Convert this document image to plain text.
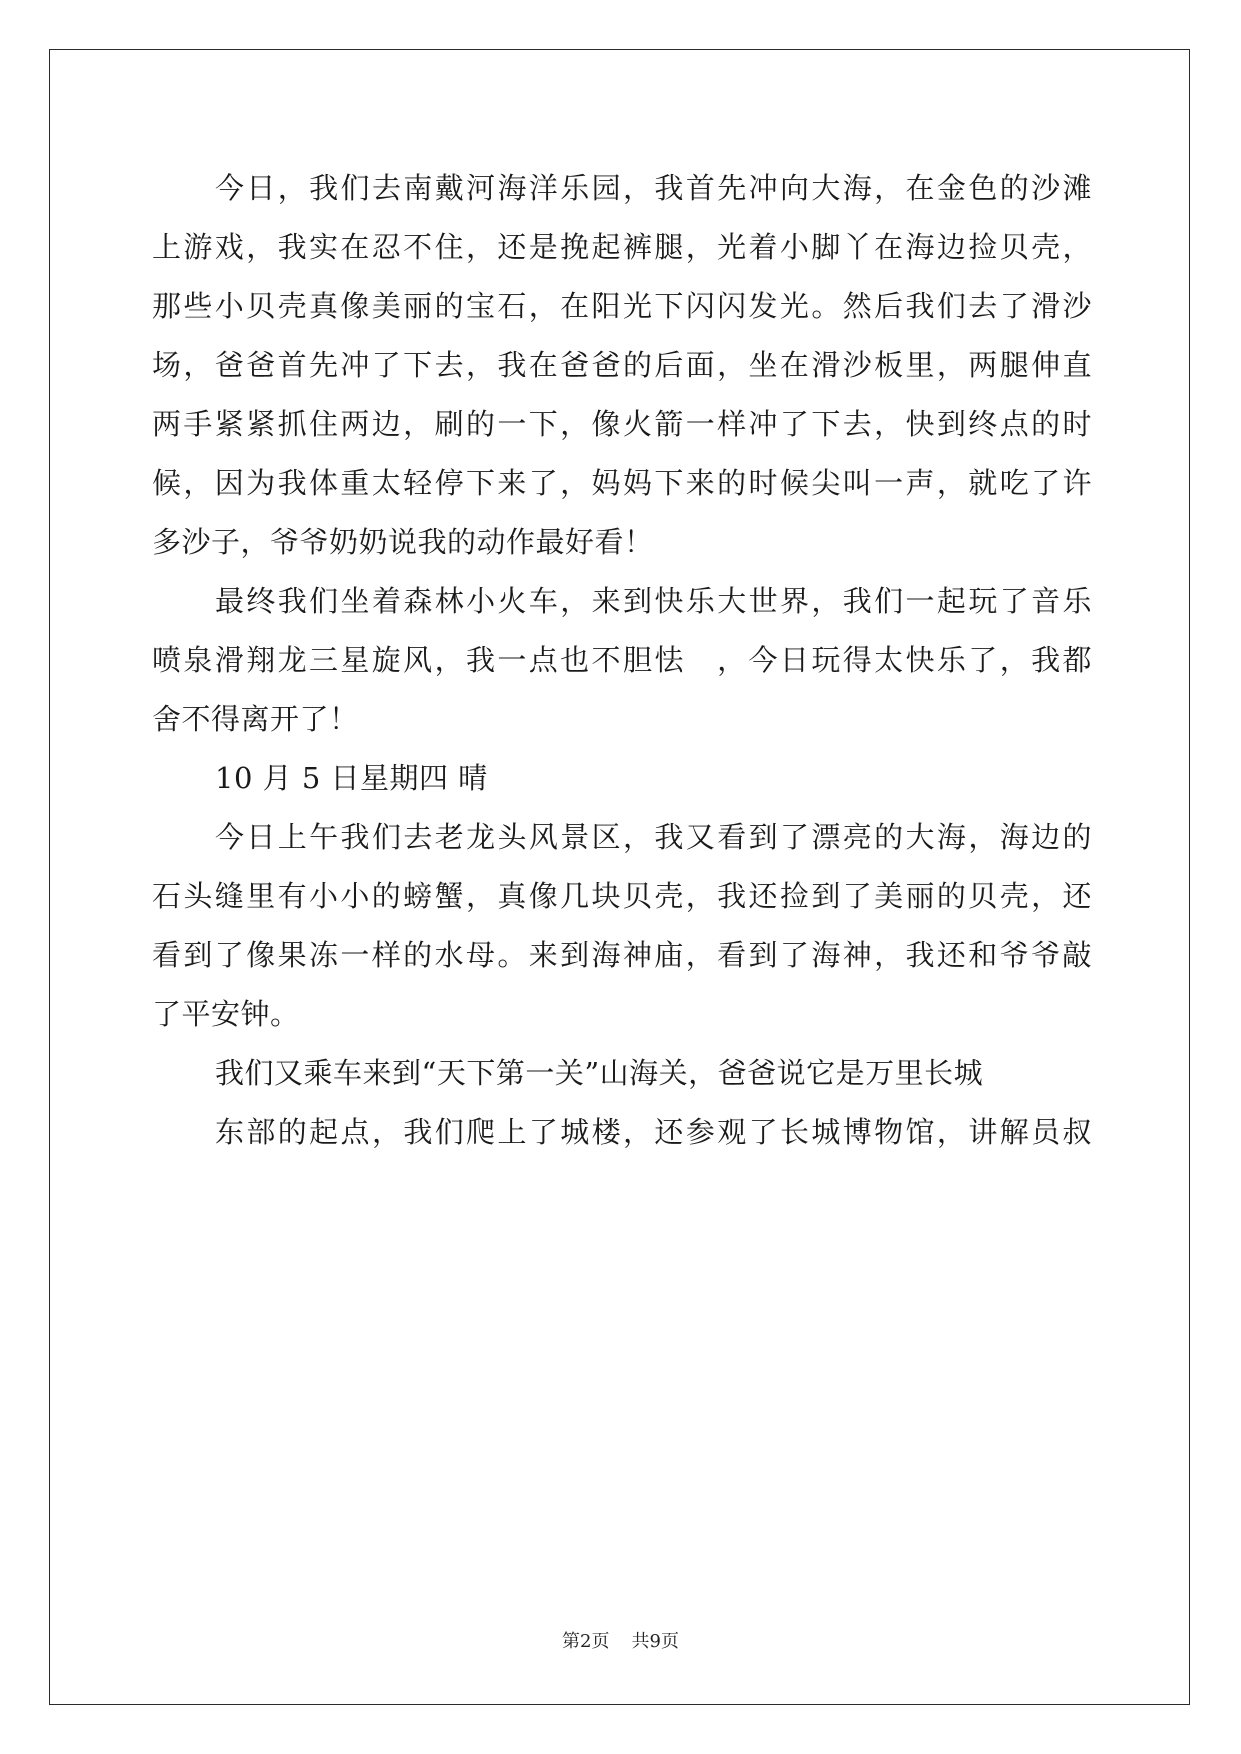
今日，我们去南戴河海洋乐园，我首先冲向大海，在金色的沙滩
上游戏，我实在忍不住，还是挽起裤腿，光着小脚丫在海边捡贝壳，
那些小贝壳真像美丽的宝石，在阳光下闪闪发光。然后我们去了滑沙
场，爸爸首先冲了下去，我在爸爸的后面，坐在滑沙板里，两腿伸直
两手紧紧抓住两边，刷的一下，像火箭一样冲了下去，快到终点的时
候，因为我体重太轻停下来了，妈妈下来的时候尖叫一声，就吃了许
多沙子，爷爷奶奶说我的动作最好看！
最终我们坐着森林小火车，来到快乐大世界，我们一起玩了音乐
喷泉滑翔龙三星旋风，我一点也不胆怯　，今日玩得太快乐了，我都
舍不得离开了！
10 月 5 日星期四 晴
今日上午我们去老龙头风景区，我又看到了漂亮的大海，海边的
石头缝里有小小的螃蟹，真像几块贝壳，我还捡到了美丽的贝壳，还
看到了像果冻一样的水母。来到海神庙，看到了海神，我还和爷爷敲
了平安钟。
我们又乘车来到“天下第一关”山海关，爸爸说它是万里长城
东部的起点，我们爬上了城楼，还参观了长城博物馆，讲解员叔
第2页 共9页
